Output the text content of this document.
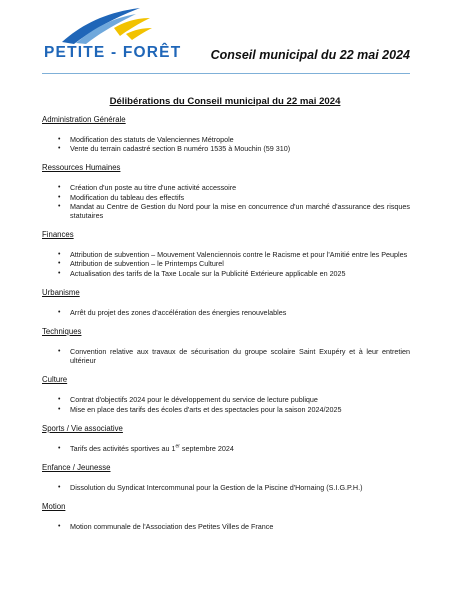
PETITE - FORÊT Conseil municipal du 22 mai 2024
Délibérations du Conseil municipal du 22 mai 2024
Administration Générale
• Modification des statuts de Valenciennes Métropole
• Vente du terrain cadastré section B numéro 1535 à Mouchin (59 310)
Ressources Humaines
• Création d'un poste au titre d'une activité accessoire
• Modification du tableau des effectifs
• Mandat au Centre de Gestion du Nord pour la mise en concurrence d'un marché d'assurance des risques statutaires
Finances
• Attribution de subvention – Mouvement Valenciennois contre le Racisme et pour l'Amitié entre les Peuples
• Attribution de subvention – le Printemps Culturel
• Actualisation des tarifs de la Taxe Locale sur la Publicité Extérieure applicable en 2025
Urbanisme
• Arrêt du projet des zones d'accélération des énergies renouvelables
Techniques
• Convention relative aux travaux de sécurisation du groupe scolaire Saint Exupéry et à leur entretien ultérieur
Culture
• Contrat d'objectifs 2024 pour le développement du service de lecture publique
• Mise en place des tarifs des écoles d'arts et des spectacles pour la saison 2024/2025
Sports / Vie associative
• Tarifs des activités sportives au 1er septembre 2024
Enfance / Jeunesse
• Dissolution du Syndicat Intercommunal pour la Gestion de la Piscine d'Hornaing (S.I.G.P.H.)
Motion
• Motion communale de l'Association des Petites Villes de France
